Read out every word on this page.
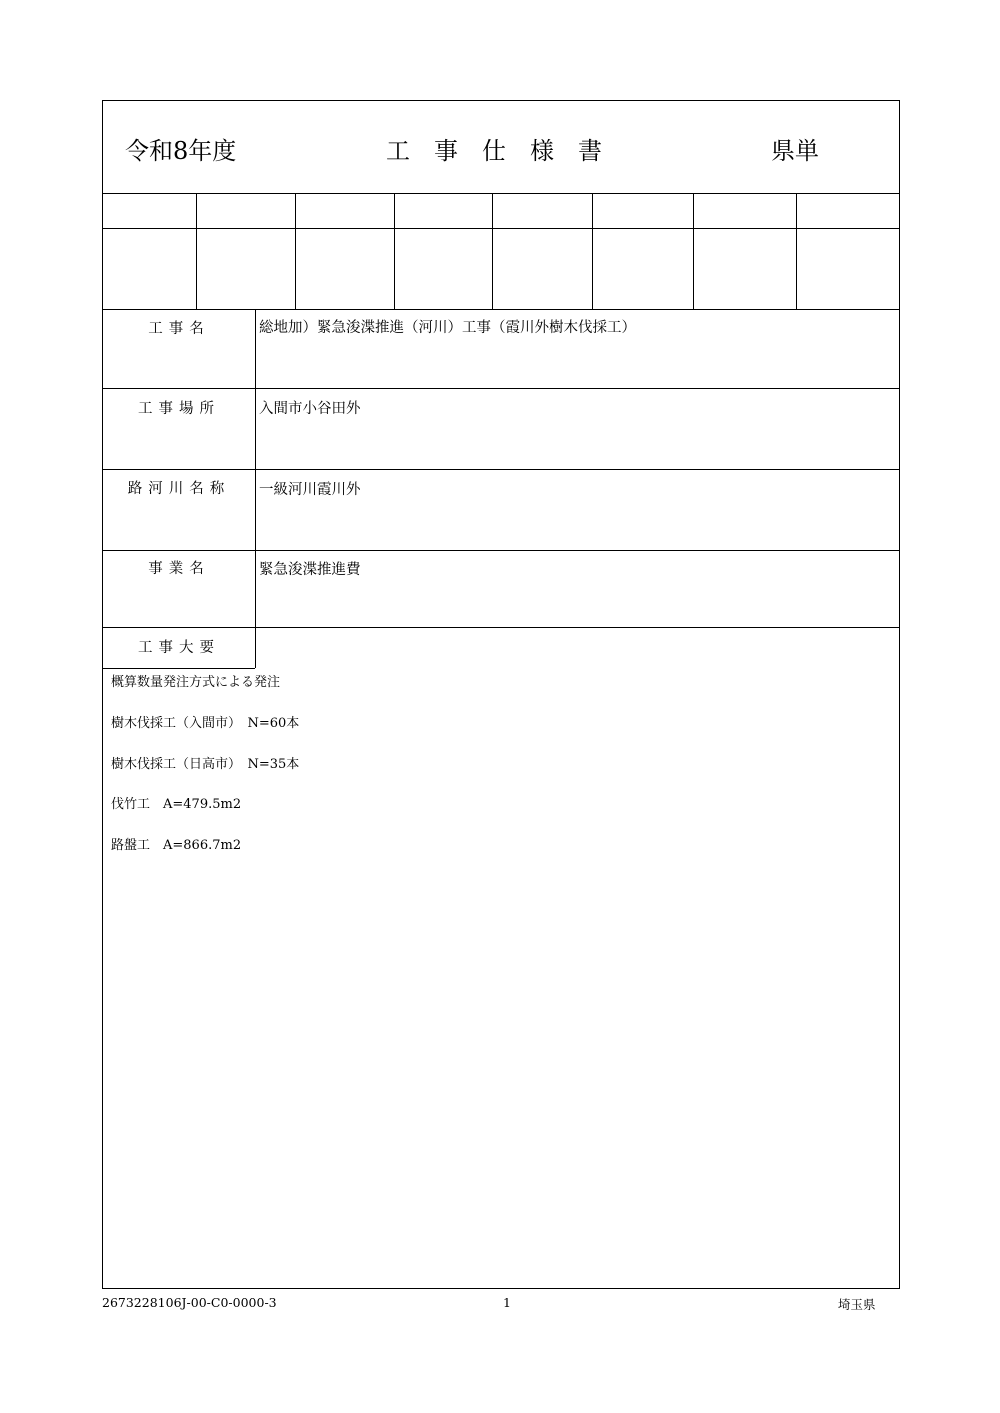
令和8年度	工事仕様書	県単
工事名	総地加）緊急浚渫推進（河川）工事（霞川外樹木伐採工）
工事場所	入間市小谷田外
路河川名称	一級河川霞川外
事業名	緊急浚渫推進費
工事大要
概算数量発注方式による発注
樹木伐採工（入間市）　N=60本
樹木伐採工（日高市）　N=35本
伐竹工　A=479.5m2
路盤工　A=866.7m2
2673228106J-00-C0-0000-3	1	埼玉県
